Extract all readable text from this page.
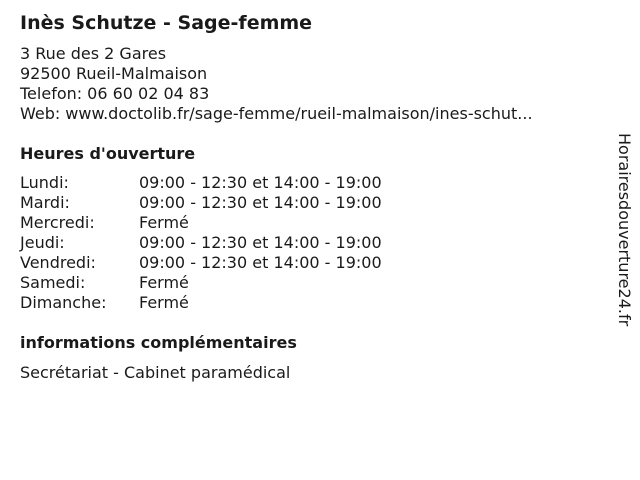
Inès Schutze - Sage-femme
3 Rue des 2 Gares
92500 Rueil-Malmaison
Telefon: 06 60 02 04 83
Web: www.doctolib.fr/sage-femme/rueil-malmaison/ines-schut...
Heures d'ouverture
Lundi:	09:00 - 12:30 et 14:00 - 19:00
Mardi:	09:00 - 12:30 et 14:00 - 19:00
Mercredi:	Fermé
Jeudi:	09:00 - 12:30 et 14:00 - 19:00
Vendredi:	09:00 - 12:30 et 14:00 - 19:00
Samedi:	Fermé
Dimanche:	Fermé
informations complémentaires
Secrétariat - Cabinet paramédical
Horairesdouverture24.fr
